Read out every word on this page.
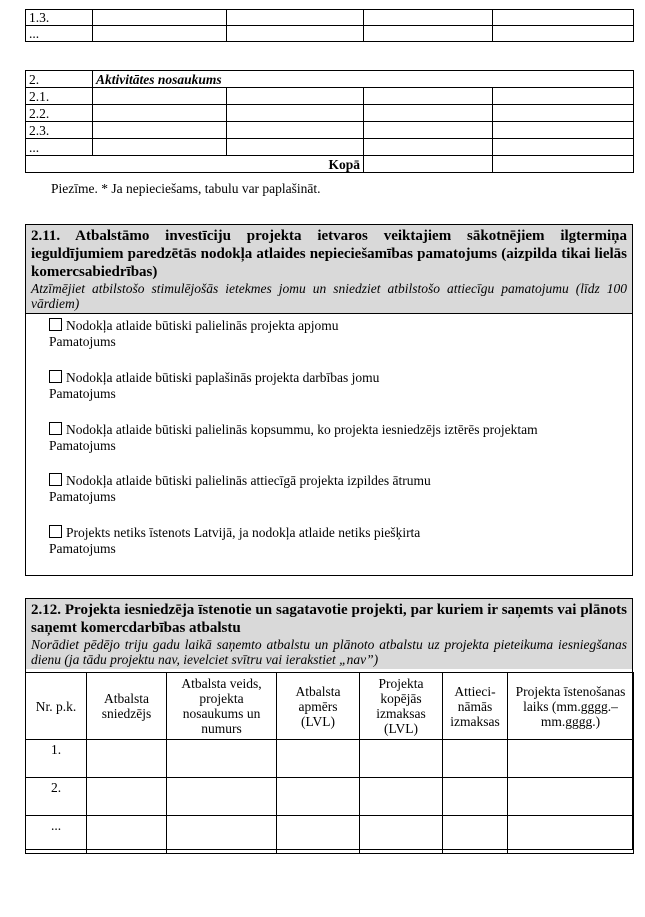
1.3.				
...				
2.	Aktivitātes nosaukums			
2.1.				
2.2.				
2.3.				
...				
Kopā				
Piezīme. * Ja nepieciešams, tabulu var paplašināt.
2.11. Atbalstāmo investīciju projekta ietvaros veiktajiem sākotnējiem ilgtermiņa ieguldījumiem paredzētās nodokļa atlaides nepieciešamības pamatojums (aizpilda tikai lielās komercsabiedrības)
Atzīmējiet atbilstošo stimulējošās ietekmes jomu un sniedziet atbilstošo attiecīgu pamatojumu (līdz 100 vārdiem)
Nodokļa atlaide būtiski palielinās projekta apjomu
Pamatojums
Nodokļa atlaide būtiski paplašinās projekta darbības jomu
Pamatojums
Nodokļa atlaide būtiski palielinās kopsummu, ko projekta iesniedzējs iztērēs projektam
Pamatojums
Nodokļa atlaide būtiski palielinās attiecīgā projekta izpildes ātrumu
Pamatojums
Projekts netiks īstenots Latvijā, ja nodokļa atlaide netiks piešķirta
Pamatojums
2.12. Projekta iesniedzēja īstenotie un sagatavotie projekti, par kuriem ir saņemts vai plānots saņemt komercdarbības atbalstu
Norādiet pēdējo triju gadu laikā saņemto atbalstu un plānoto atbalstu uz projekta pieteikuma iesniegšanas dienu (ja tādu projektu nav, ievelciet svītru vai ierakstiet „nav”)
Nr. p.k.	Atbalsta sniedzējs	Atbalsta veids, projekta nosaukums un numurs	Atbalsta apmērs (LVL)	Projekta kopējās izmaksas (LVL)	Attieci-nāmās izmaksas	Projekta īstenošanas laiks (mm.gggg.–mm.gggg.)
1.						
2.						
...						
